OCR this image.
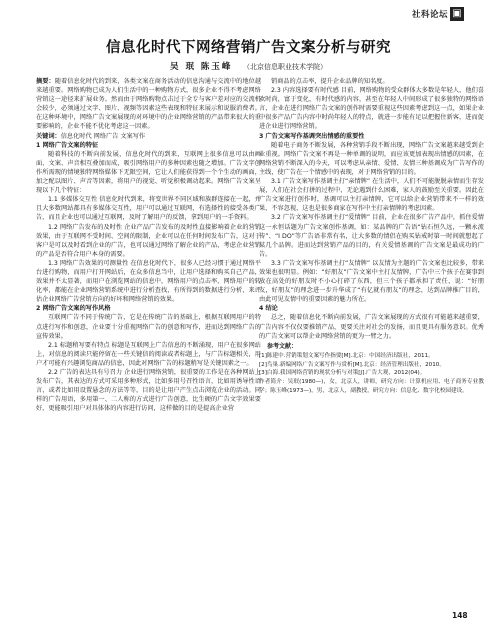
社科论坛 ▣
信息化时代下网络营销广告文案分析与研究
吴 珉 陈玉峰 （北京信息职业技术学院）

摘要：随着信息化时代的到来，各类文案在商务活动的信息沟通与交流中的地位越来越重要。网络购物已成为人们生活中的一种购物方式，很多企业不得不考虑网络营销这一途径来扩展业务。然而由于网络购物点击过于全专与客户差对应的交流机会较少，必须通过文字、图片、视频等因素这些表现和特征来展示和说服消费者。在这种环境中，网络广告文案展现的对环境中的企业网络营销的产品带来很大的重要影响的，企业不能不优化考虑这一因素。

关键词：信息化时代 网络广告 文案写作

1 网络广告文案的特征

随着科技的不断向前发展，信息化时代的到来，互联网上很多信息可以由画面、文案、声音相互叠加而成，吸引网络用户的多种因素也随之增加。广告文字创作所需现的情境独特网络媒体下无限空间，它让人们能获得到一个个生动的画面，加之配以图片、声音等因素，将用户的视觉、听觉积极调动起来。网络广告文案呈现以下几个特征：

1.1 多媒体交互性 信息化时代到来，将变世界不同区域和族群连接在一起，并且大多数网站都具有多媒体交互性，用户可以通过互联网，有选择性的接受各类广告，而且企业也可以通过互联网，及时了解用户的反馈，拿到用户的一手资料。

1.2 网络广告发布的及时性 企业产品广告发布的及时性直接影响着企业的营销效果，由于互联网不受时间、空间的限制，企业可以在任何时间发布广告，这对于客户是可以及时看到企业的广告，也可以通过网络了解企业的产品，考虑企业营销的产品是否符合用户本身的需要。

1.3 网络广告效果的可测量性 在信息化时代下，很多人已经习惯于通过网络平台进行购物，而用户打开网站后，在众多信息当中，让用户选择和购买自己产品，效果并不太显著，而用户在浏览网站的信息中，网络用户的点击率、网络用户的转化率，都能在企业网络营销系统中进行分析查找，有所得到的数据进行分析，来评估企业网络广告营销方向的好坏和网络营销的效果。

2 网络广告文案的写作风格

互联网广告不同于传统广告，它是在传统广告的基础上，根据互联网用户的特点进行写作和创意，企业要十分重视网络广告的创意和写作，进而达到网络广告的宣传效果。

2.1 标题稍写要有特点 标题是互联网上广告信息的不断涌现，用户在很多网站上，对信息的阅读只能停留在一些关键信的阅读或者标题上，与广告标题相关，用户才可能有兴趣浏览商品的信息，因此对网络广告的标题稍写是关键因素之一。

2.2 广告的表达具有号召力 企业进行网络营销，很重要的工作是在各种网站上发布广告，其表达的方式可采用多种形式，比如多用号召性语言，比如用诱导性语言，或者比如用设置悬念的方法等等，目的是让用户产生点击浏览企业的活动。同样的广告用语，多用第一、二人称的方式进行广告创意，比生硬的广告文字效果要好，更能吸引用户对具体体的内容进行访问，这样做的目的是提高企业营

销商品的点击率，提升企业品牌的知名度。

2.3 内容选择要有时代感 目前，网络购物的受众群体大多数是年轻人，他们喜欢时尚，富于变化，有时代感的内容，甚至在年轻人中间形成了很多独特的网络语言，企业在进行网络广告文案的创作时需要重视这些因素考虑到这一点，如果企业中很多产品广告内容中时尚年轻人的特点，就进一步能有足以把握住新客，进而促进企业进行网络营销。

3 广告文案写作基调突出情感的重要性

随着电子商务不断发展，各种营销手段不断出现，网络广告文案越来越受到企业重视。网络广告文案不再是一种单调的说明，而应该更加表现出情感的因素，在网络营销不断深入的今天，可以考虑从亲情、爱情、友情三种基调成为广告写作的主线，使广告在一个情感中的表现，对于网络营销的目的。

3.1 广告文案写作基调主打“亲情牌” 在生活中，人们不可能脱脱亲情而生存发展，人们在社会打拼的过程中，无论遇到什么困难，家人的鼓励至关重要。因此在广告文案进行创作时，基调可以主打亲情牌，它可以给企业营销带来不一样的效果，不容忽视，这也是很多商家在写作中主打亲情牌的考虑因素。

3.2 广告文案写作基调主打“爱情牌” 目前，企业在很多广告产品中，抓住爱情这一永恒话题为广告文案创作基调，如：某品牌的广告语“钻石恒久远，一颗永流传”、“I DO”等广告语非常有名，让大多数的情侣在购买钻戒时第一时间就想起了某几个品牌。进而达到营销产品的目的，有关爱情基调的广告文案是最成功的广告。

3.3 广告文案写作基调主打“友情牌” 以友情为主题的广告文案也比较多，带来效果也很明显。例如：“好朋友”广告文案中主打友情牌，广告中三个孩子在赛事到放在高处的好朋友时不小心打碎了东西，但三个孩子都承担了责任，说：“好朋友，好朋友”的理念进一步升华成了“有亿就有朋友”的理念，达到品牌推广目的，由此可见友情中的重要因素的魅力所在。

4 结论

总之，随着信息化不断向前发展，广告文案展现的方式很有可能越来越重要，广告内容不仅仅要推销产品，更要关注对社会的发扬，而且更具有服务意识。优秀的广告文案可以帮企业网络营销的更为一臂之力。

参考文献：

[1]陈建中.营销策划文案写作指要[M].北京：中国经济出版社，2011。

[2]鸟巢.新编网络广告文案写作与赏析[M].北京：经济管理出版社，2010。

[3]白海.我国网络营销的现状分析与对策[J].广告大观，2012(04)。

作者简介：吴珉(1980—)，女，北京人，讲师，研究方向：计算机应用、电子商务专业教学；陈玉峰(1973—)，男，北京人，副教授，研究方向：信息化、数字化校园建设。

148
